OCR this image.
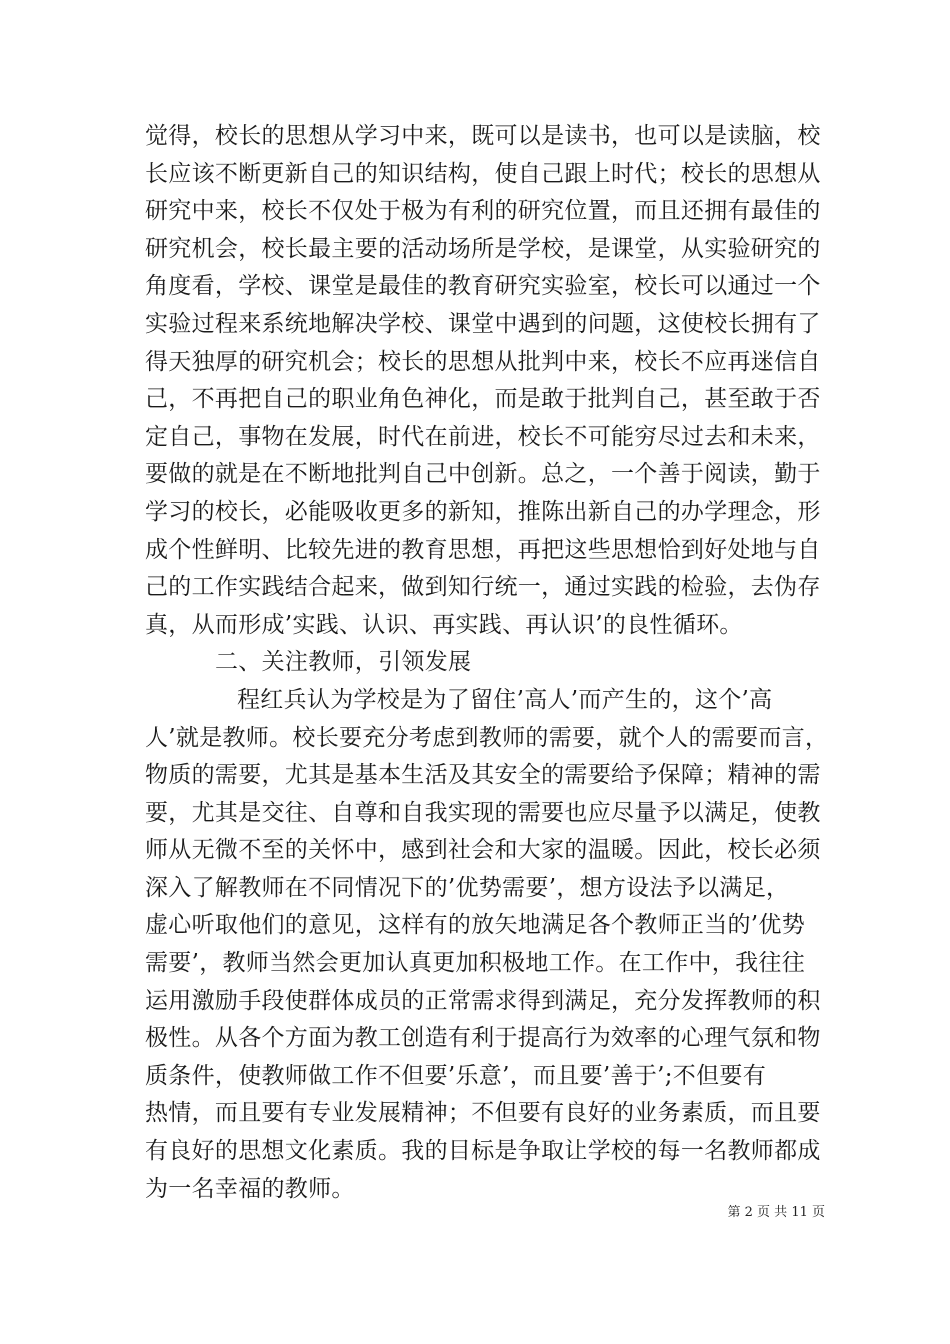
觉得，校长的思想从学习中来，既可以是读书，也可以是读脑，校
长应该不断更新自己的知识结构，使自己跟上时代；校长的思想从
研究中来，校长不仅处于极为有利的研究位置，而且还拥有最佳的
研究机会，校长最主要的活动场所是学校，是课堂，从实验研究的
角度看，学校、课堂是最佳的教育研究实验室，校长可以通过一个
实验过程来系统地解决学校、课堂中遇到的问题，这使校长拥有了
得天独厚的研究机会；校长的思想从批判中来，校长不应再迷信自
己，不再把自己的职业角色神化，而是敢于批判自己，甚至敢于否
定自己，事物在发展，时代在前进，校长不可能穷尽过去和未来，
要做的就是在不断地批判自己中创新。总之，一个善于阅读，勤于
学习的校长，必能吸收更多的新知，推陈出新自己的办学理念，形
成个性鲜明、比较先进的教育思想，再把这些思想恰到好处地与自
己的工作实践结合起来，做到知行统一，通过实践的检验，去伪存
真，从而形成’实践、认识、再实践、再认识’的良性循环。
二、关注教师，引领发展
程红兵认为学校是为了留住’高人’而产生的，这个’高
人’就是教师。校长要充分考虑到教师的需要，就个人的需要而言，
物质的需要，尤其是基本生活及其安全的需要给予保障；精神的需
要，尤其是交往、自尊和自我实现的需要也应尽量予以满足，使教
师从无微不至的关怀中，感到社会和大家的温暖。因此，校长必须
深入了解教师在不同情况下的’优势需要’，想方设法予以满足，
虚心听取他们的意见，这样有的放矢地满足各个教师正当的’优势
需要’，教师当然会更加认真更加积极地工作。在工作中，我往往
运用激励手段使群体成员的正常需求得到满足，充分发挥教师的积
极性。从各个方面为教工创造有利于提高行为效率的心理气氛和物
质条件，使教师做工作不但要’乐意’，而且要’善于’;不但要有
热情，而且要有专业发展精神；不但要有良好的业务素质，而且要
有良好的思想文化素质。我的目标是争取让学校的每一名教师都成
为一名幸福的教师。
第 2 页 共 11 页
